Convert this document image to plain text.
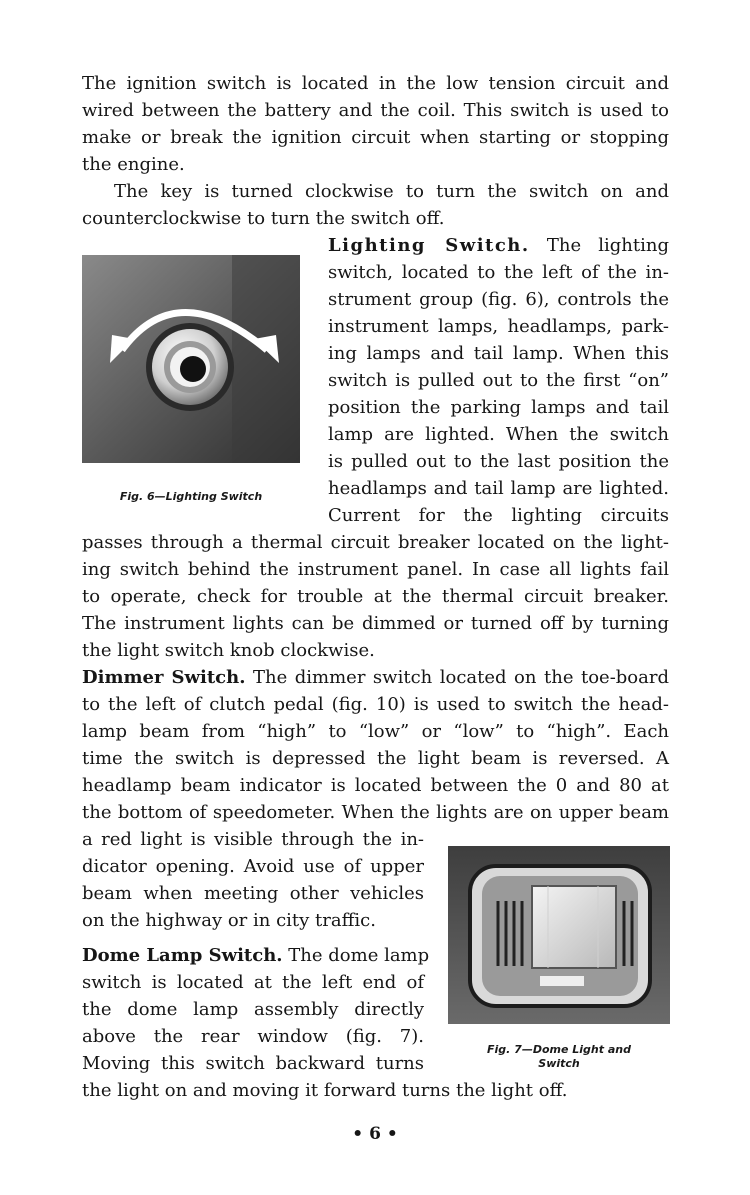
The ignition switch is located in the low tension circuit and
wired between the battery and the coil. This switch is used to
make or break the ignition circuit when starting or stopping
the engine.
The key is turned clockwise to turn the switch on and
counterclockwise to turn the switch off.
Fig. 6—Lighting Switch
Lighting Switch. The lighting
switch, located to the left of the in-
strument group (fig. 6), controls the
instrument lamps, headlamps, park-
ing lamps and tail lamp. When this
switch is pulled out to the first “on”
position the parking lamps and tail
lamp are lighted. When the switch
is pulled out to the last position the
headlamps and tail lamp are lighted.
Current for the lighting circuits
passes through a thermal circuit breaker located on the light-
ing switch behind the instrument panel. In case all lights fail
to operate, check for trouble at the thermal circuit breaker.
The instrument lights can be dimmed or turned off by turning
the light switch knob clockwise.
Dimmer Switch. The dimmer switch located on the toe-board
to the left of clutch pedal (fig. 10) is used to switch the head-
lamp beam from “high” to “low” or “low” to “high”. Each
time the switch is depressed the light beam is reversed. A
headlamp beam indicator is located between the 0 and 80 at
the bottom of speedometer. When the lights are on upper beam
a red light is visible through the in-
dicator opening. Avoid use of upper
beam when meeting other vehicles
on the highway or in city traffic.
Fig. 7—Dome Light and
Switch
Dome Lamp Switch. The dome lamp
switch is located at the left end of
the dome lamp assembly directly
above the rear window (fig. 7).
Moving this switch backward turns
the light on and moving it forward turns the light off.
• 6 •
